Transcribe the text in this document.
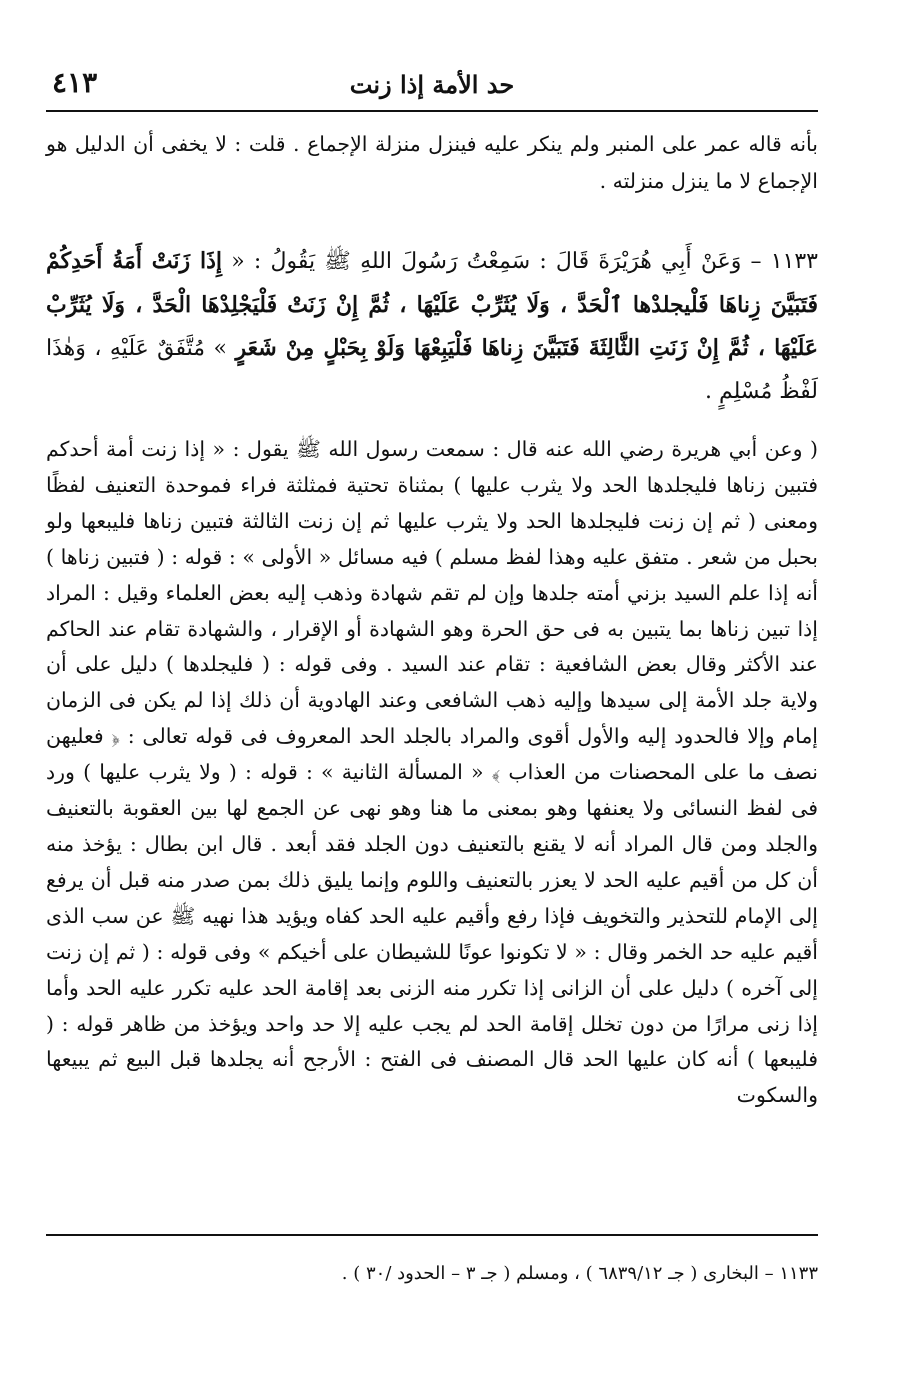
حد الأمة إذا زنت
٤١٣

بأنه قاله عمر على المنبر ولم ينكر عليه فينزل منزلة الإجماع . قلت : لا يخفى أن الدليل هو الإجماع لا ما ينزل منزلته .

١١٣٣ – وَعَنْ أَبِي هُرَيْرَةَ قَالَ : سَمِعْتُ رَسُولَ اللهِ ﷺ يَقُولُ : « إِذَا زَنَتْ أَمَةُ أَحَدِكُمْ فَتَبَيَّنَ زِناهَا فَلْيجلدْها ٱلْحَدَّ ، وَلَا يُثَرِّبْ عَلَيْهَا ، ثُمَّ إِنْ زَنَتْ فَلْيَجْلِدْهَا الْحَدَّ ، وَلَا يُثَرِّبْ عَلَيْهَا ، ثُمَّ إِنْ زَنَتِ الثَّالِثَةَ فَتَبَيَّنَ زِناهَا فَلْيَبِعْهَا وَلَوْ بِحَبْلٍ مِنْ شَعَرٍ » مُتَّفَقٌ عَلَيْهِ ، وَهٰذَا لَفْظُ مُسْلِمٍ .

( وعن أبي هريرة رضي الله عنه قال : سمعت رسول الله ﷺ يقول : « إذا زنت أمة أحدكم فتبين زناها فليجلدها الحد ولا يثرب عليها ) بمثناة تحتية فمثلثة فراء فموحدة التعنيف لفظًا ومعنى ( ثم إن زنت فليجلدها الحد ولا يثرب عليها ثم إن زنت الثالثة فتبين زناها فليبعها ولو بحبل من شعر . متفق عليه وهذا لفظ مسلم ) فيه مسائل « الأولى » : قوله : ( فتبين زناها ) أنه إذا علم السيد بزني أمته جلدها وإن لم تقم شهادة وذهب إليه بعض العلماء وقيل : المراد إذا تبين زناها بما يتبين به فى حق الحرة وهو الشهادة أو الإقرار ، والشهادة تقام عند الحاكم عند الأكثر وقال بعض الشافعية : تقام عند السيد . وفى قوله : ( فليجلدها ) دليل على أن ولاية جلد الأمة إلى سيدها وإليه ذهب الشافعى وعند الهادوية أن ذلك إذا لم يكن فى الزمان إمام وإلا فالحدود إليه والأول أقوى والمراد بالجلد الحد المعروف فى قوله تعالى : ﴿ فعليهن نصف ما على المحصنات من العذاب ﴾ « المسألة الثانية » : قوله : ( ولا يثرب عليها ) ورد فى لفظ النسائى ولا يعنفها وهو بمعنى ما هنا وهو نهى عن الجمع لها بين العقوبة بالتعنيف والجلد ومن قال المراد أنه لا يقنع بالتعنيف دون الجلد فقد أبعد . قال ابن بطال : يؤخذ منه أن كل من أقيم عليه الحد لا يعزر بالتعنيف واللوم وإنما يليق ذلك بمن صدر منه قبل أن يرفع إلى الإمام للتحذير والتخويف فإذا رفع وأقيم عليه الحد كفاه ويؤيد هذا نهيه ﷺ عن سب الذى أقيم عليه حد الخمر وقال : « لا تكونوا عونًا للشيطان على أخيكم » وفى قوله : ( ثم إن زنت إلى آخره ) دليل على أن الزانى إذا تكرر منه الزنى بعد إقامة الحد عليه تكرر عليه الحد وأما إذا زنى مرارًا من دون تخلل إقامة الحد لم يجب عليه إلا حد واحد ويؤخذ من ظاهر قوله : ( فليبعها ) أنه كان عليها الحد قال المصنف فى الفتح : الأرجح أنه يجلدها قبل البيع ثم يبيعها والسكوت

١١٣٣ – البخارى ( جـ ٦٨٣٩/١٢ ) ، ومسلم ( جـ ٣ – الحدود /٣٠ ) .
